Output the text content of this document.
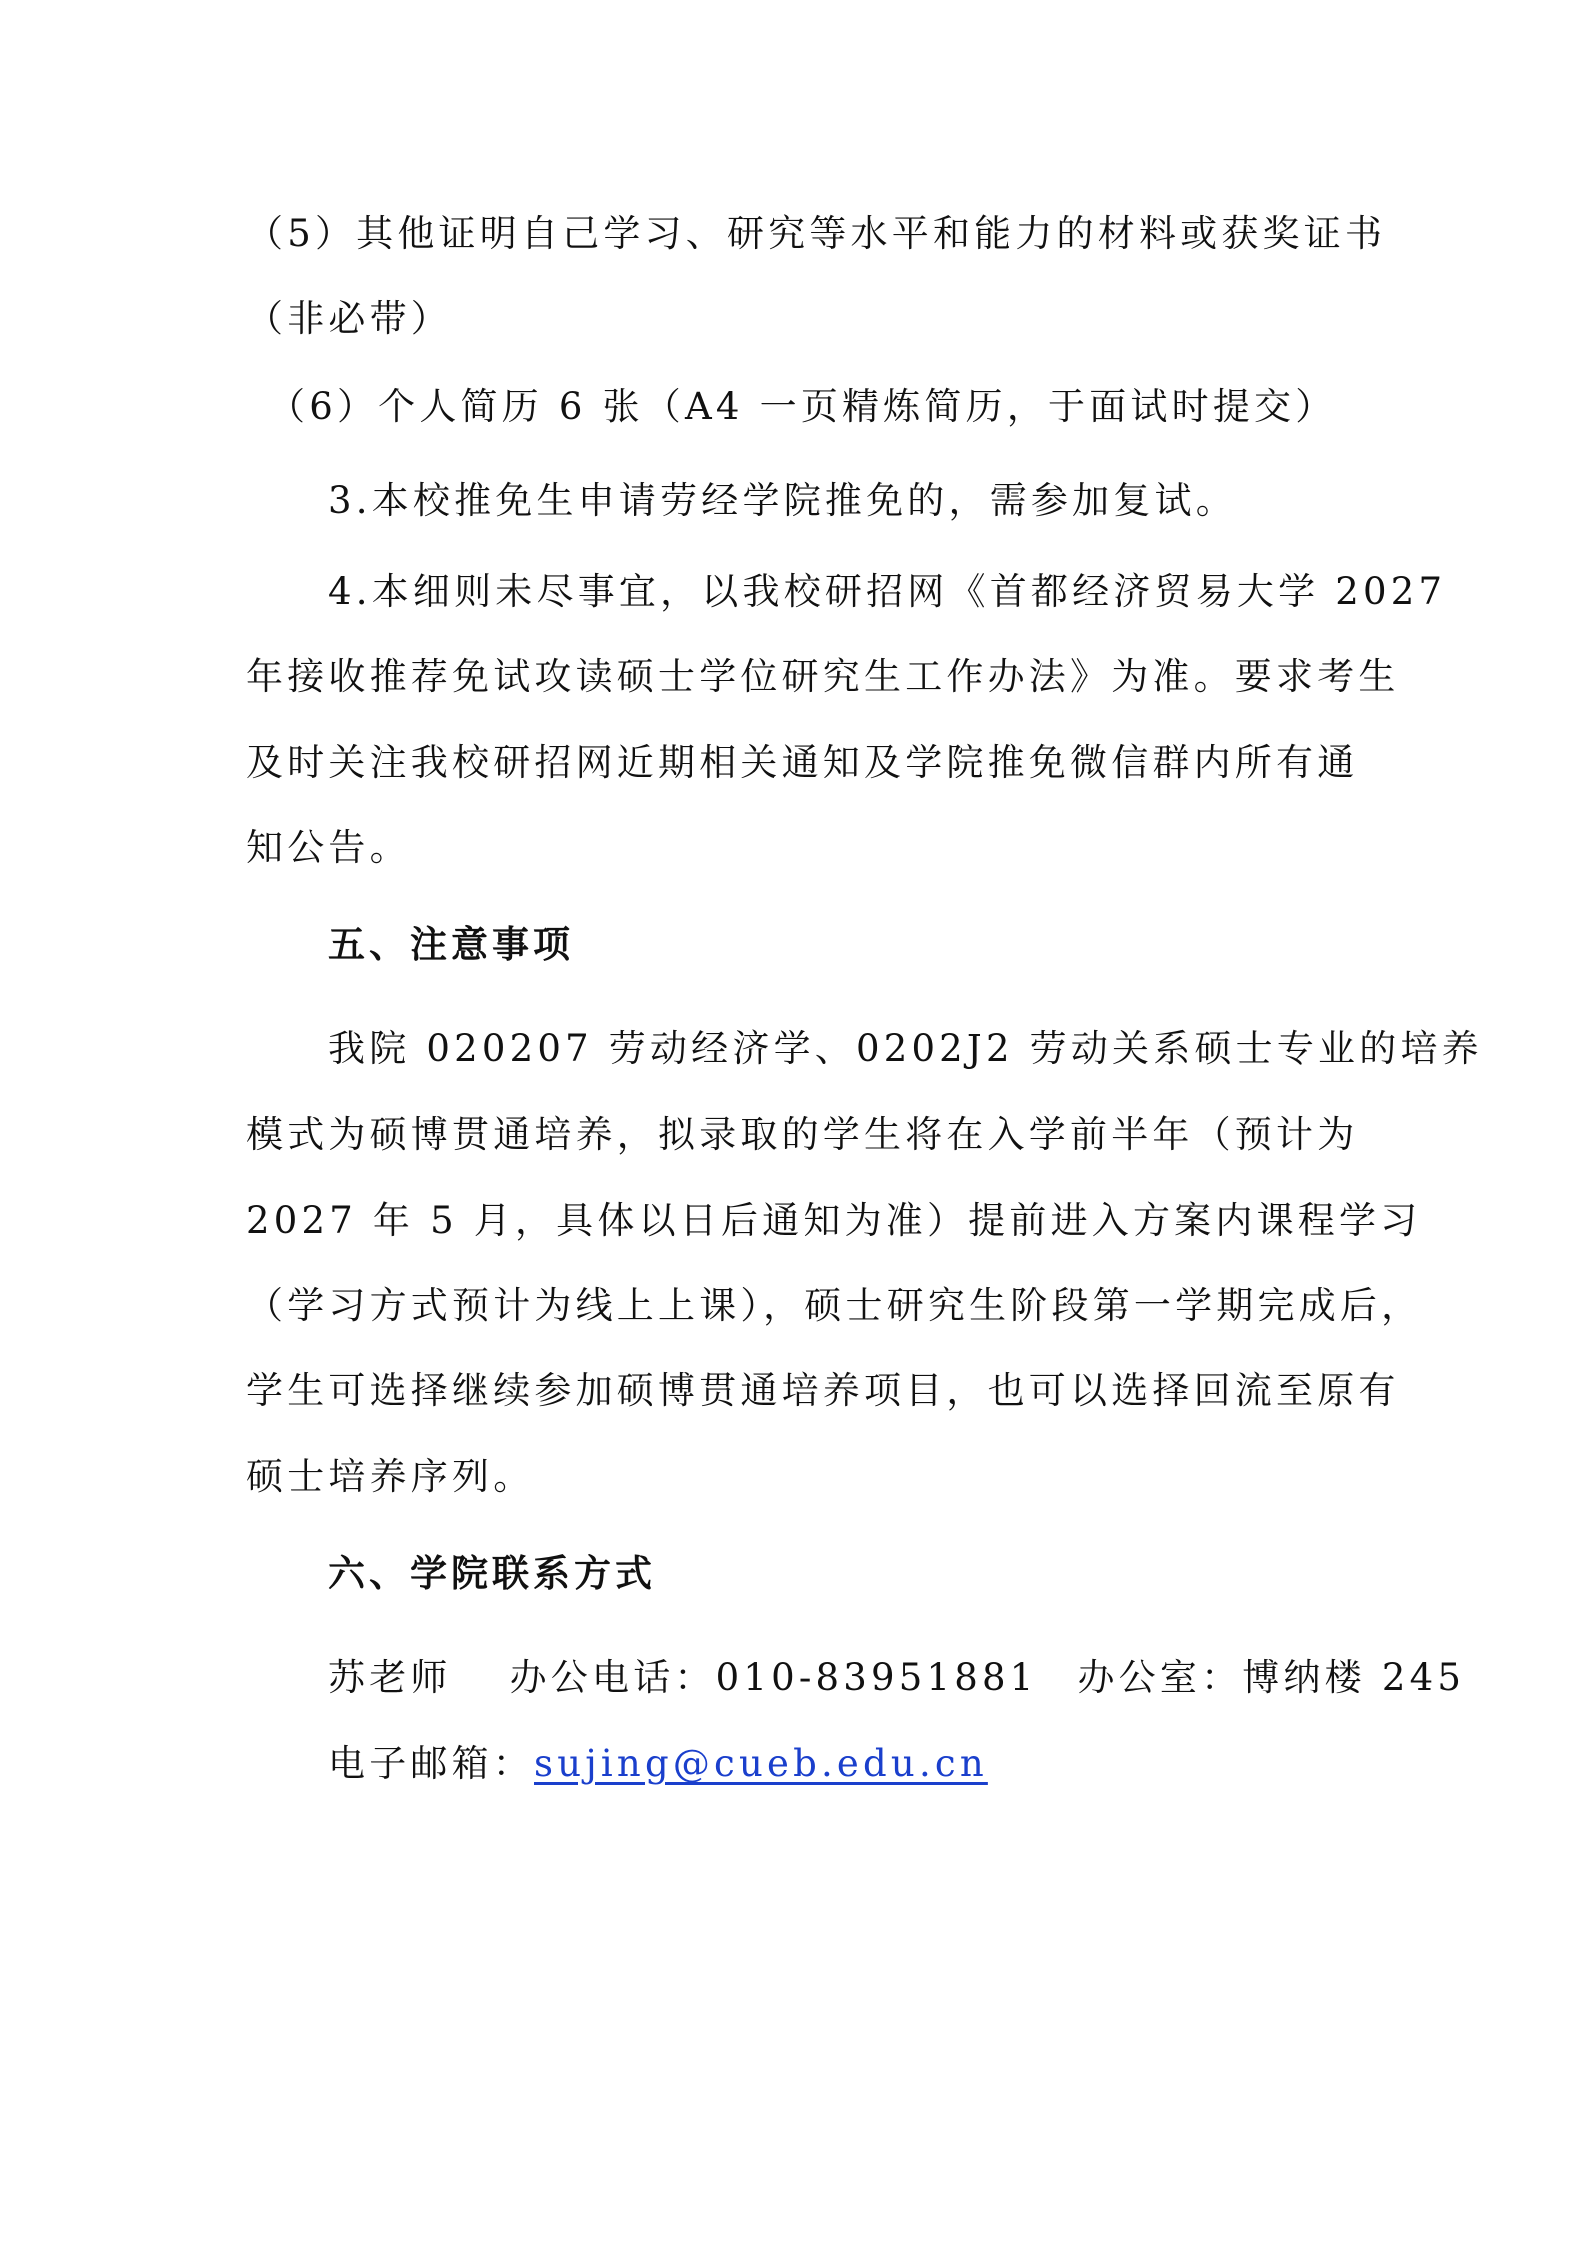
（5）其他证明自己学习、研究等水平和能力的材料或获奖证书
（非必带）
（6）个人简历 6 张（A4 一页精炼简历，于面试时提交）
3.本校推免生申请劳经学院推免的，需参加复试。
4.本细则未尽事宜，以我校研招网《首都经济贸易大学 2027
年接收推荐免试攻读硕士学位研究生工作办法》为准。要求考生
及时关注我校研招网近期相关通知及学院推免微信群内所有通
知公告。
五、注意事项
我院 020207 劳动经济学、0202J2 劳动关系硕士专业的培养
模式为硕博贯通培养，拟录取的学生将在入学前半年（预计为
2027 年 5 月，具体以日后通知为准）提前进入方案内课程学习
（学习方式预计为线上上课），硕士研究生阶段第一学期完成后，
学生可选择继续参加硕博贯通培养项目，也可以选择回流至原有
硕士培养序列。
六、学院联系方式
苏老师 办公电话：010-83951881 办公室：博纳楼 245
电子邮箱：sujing@cueb.edu.cn
